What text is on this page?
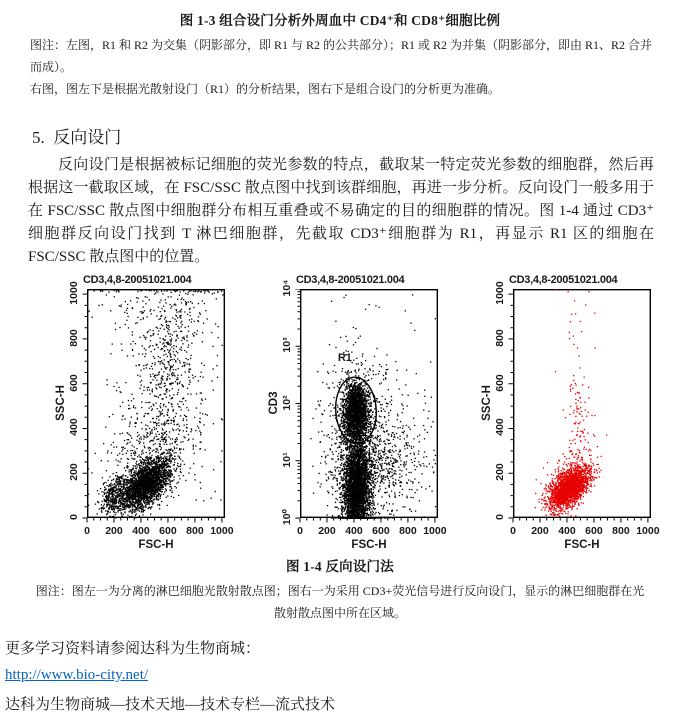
图 1-3 组合设门分析外周血中 CD4⁺和 CD8⁺细胞比例
图注：左图，R1 和 R2 为交集（阴影部分，即 R1 与 R2 的公共部分）；R1 或 R2 为并集（阴影部分，即由 R1、R2 合并而成）。
右图，图左下是根据光散射设门（R1）的分析结果，图右下是组合设门的分析更为准确。
5.  反向设门
反向设门是根据被标记细胞的荧光参数的特点，截取某一特定荧光参数的细胞群，然后再根据这一截取区域，在 FSC/SSC 散点图中找到该群细胞，再进一步分析。反向设门一般多用于在 FSC/SSC 散点图中细胞群分布相互重叠或不易确定的目的细胞群的情况。图 1-4 通过 CD3⁺细胞群反向设门找到 T 淋巴细胞群，先截取 CD3⁺细胞群为 R1，再显示 R1 区的细胞在 FSC/SSC 散点图中的位置。
CD3,4,8-20051021.004
0	200 400 600 800 1000
0
200
400
600
800
1000
FSC-H
SSC-H
CD3,4,8-20051021.004
R1
0	200 400 600 800 1000
10⁰
10¹
10²
10³
10⁴
FSC-H
CD3
CD3,4,8-20051021.004
0	200 400 600 800 1000
0
200
400
600
800
1000
FSC-H
SSC-H
图 1-4 反向设门法
图注：图左一为分离的淋巴细胞光散射散点图；图右一为采用 CD3+荧光信号进行反向设门，显示的淋巴细胞群在光散射散点图中所在区域。
更多学习资料请参阅达科为生物商城：
http://www.bio-city.net/
达科为生物商城—技术天地—技术专栏—流式技术
